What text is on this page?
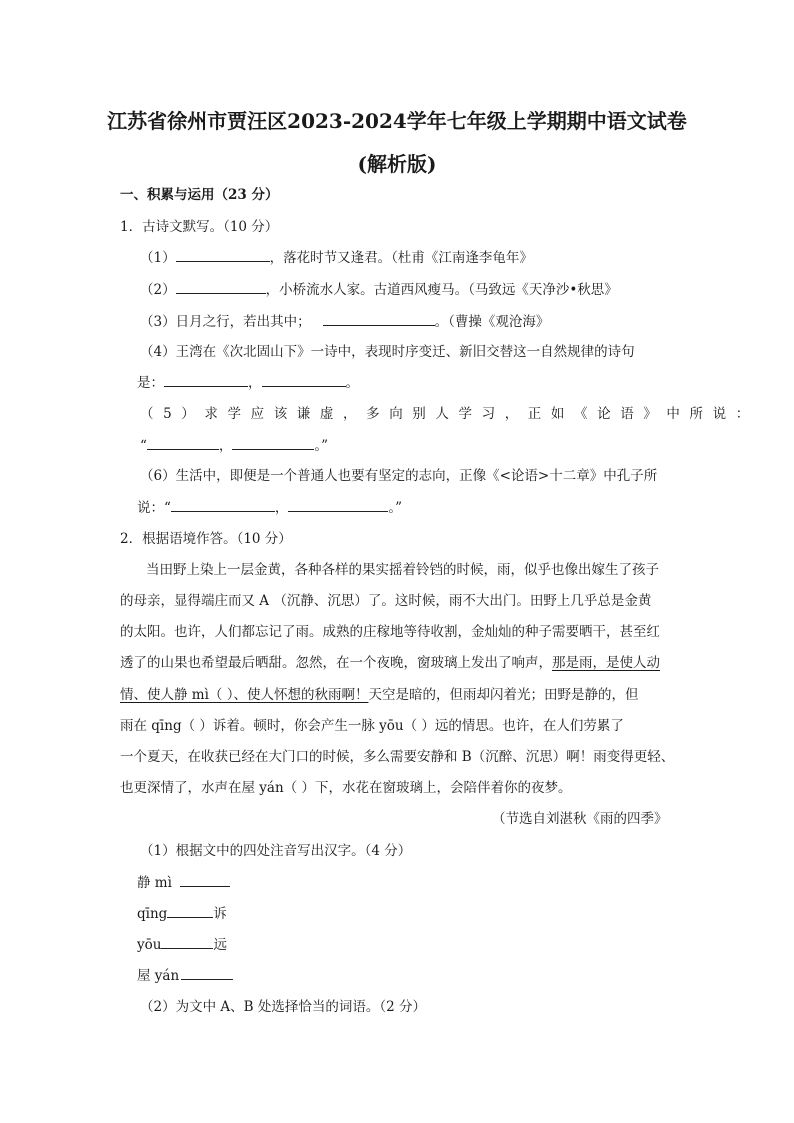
江苏省徐州市贾汪区2023-2024学年七年级上学期期中语文试卷
(解析版)
一、积累与运用（23 分）
1．古诗文默写。（10 分）
（1）	，落花时节又逢君。（杜甫《江南逢李龟年》
（2）	，小桥流水人家。古道西风瘦马。（马致远《天净沙•秋思》
（3）日月之行，若出其中；	。（曹操《观沧海》
（4）王湾在《次北固山下》一诗中，表现时序变迁、新旧交替这一自然规律的诗句
是：	，	。
（5）求学应该谦虚，多向别人学习，正如《论语》中所说：
“	，	。”
（6）生活中，即便是一个普通人也要有坚定的志向，正像《<论语>十二章》中孔子所
说：“	，	。”
2．根据语境作答。（10 分）
当田野上染上一层金黄，各种各样的果实摇着铃铛的时候，雨，似乎也像出嫁生了孩子
的母亲，显得端庄而又 A （沉静、沉思）了。这时候，雨不大出门。田野上几乎总是金黄
的太阳。也许，人们都忘记了雨。成熟的庄稼地等待收割，金灿灿的种子需要晒干，甚至红
透了的山果也希望最后晒甜。忽然，在一个夜晚，窗玻璃上发出了响声，那是雨，是使人动
情、使人静 mì（ ）、使人怀想的秋雨啊！天空是暗的，但雨却闪着光；田野是静的，但
雨在 qīng（ ）诉着。顿时，你会产生一脉 yōu（ ）远的情思。也许，在人们劳累了
一个夏天，在收获已经在大门口的时候，多么需要安静和 B（沉醉、沉思）啊！雨变得更轻、
也更深情了，水声在屋 yán（ ）下，水花在窗玻璃上，会陪伴着你的夜梦。
（节选自刘湛秋《雨的四季》
（1）根据文中的四处注音写出汉字。（4 分）
静 mì
qīng	诉
yōu	远
屋 yán
（2）为文中 A、B 处选择恰当的词语。（2 分）
